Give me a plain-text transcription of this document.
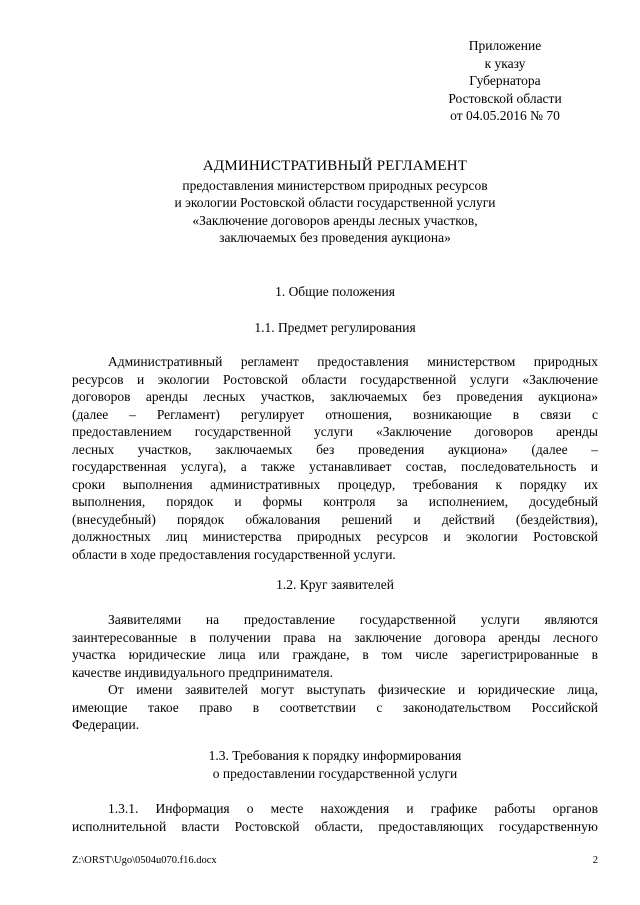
Приложение
к указу
Губернатора
Ростовской области
от 04.05.2016 № 70
АДМИНИСТРАТИВНЫЙ РЕГЛАМЕНТ
предоставления министерством природных ресурсов
и экологии Ростовской области государственной услуги
«Заключение договоров аренды лесных участков,
заключаемых без проведения аукциона»
1. Общие положения
1.1. Предмет регулирования
Административный регламент предоставления министерством природных
ресурсов и экологии Ростовской области государственной услуги «Заключение
договоров аренды лесных участков, заключаемых без проведения аукциона»
(далее – Регламент) регулирует отношения, возникающие в связи с
предоставлением государственной услуги «Заключение договоров аренды
лесных участков, заключаемых без проведения аукциона» (далее –
государственная услуга), а также устанавливает состав, последовательность и
сроки выполнения административных процедур, требования к порядку их
выполнения, порядок и формы контроля за исполнением, досудебный
(внесудебный) порядок обжалования решений и действий (бездействия),
должностных лиц министерства природных ресурсов и экологии Ростовской
области в ходе предоставления государственной услуги.
1.2. Круг заявителей
Заявителями на предоставление государственной услуги являются
заинтересованные в получении права на заключение договора аренды лесного
участка юридические лица или граждане, в том числе зарегистрированные в
качестве индивидуального предпринимателя.
От имени заявителей могут выступать физические и юридические лица,
имеющие такое право в соответствии с законодательством Российской
Федерации.
1.3. Требования к порядку информирования
о предоставлении государственной услуги
1.3.1. Информация о месте нахождения и графике работы органов
исполнительной власти Ростовской области, предоставляющих государственную
Z:\ORST\Ugo\0504u070.f16.docx	2
